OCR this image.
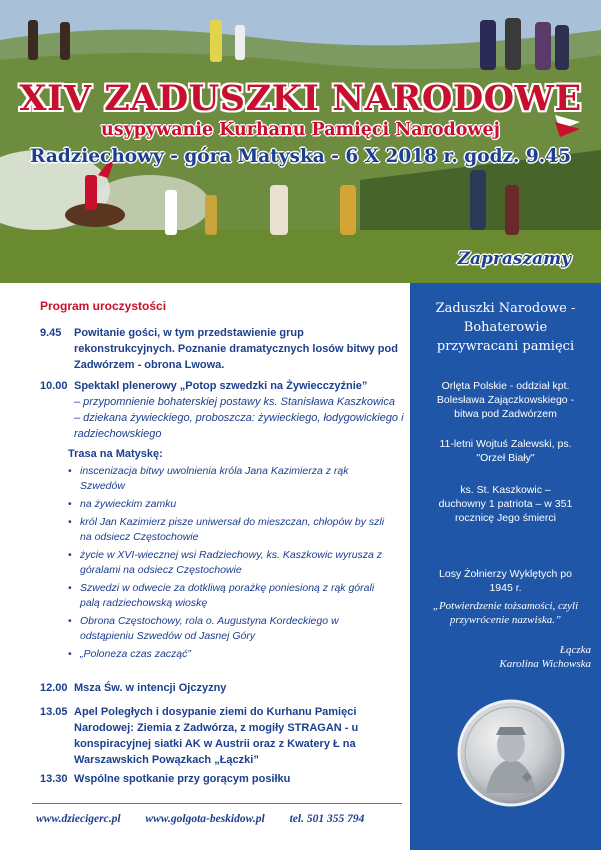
XIV ZADUSZKI NARODOWE
usypywanie Kurhanu Pamięci Narodowej
Radziechowy - góra Matyska - 6 X 2018 r. godz. 9.45
Zapraszamy
Program uroczystości
9.45	Powitanie gości, w tym przedstawienie grup rekonstrukcyjnych. Poznanie dramatycznych losów bitwy pod Zadwórzem - obrona Lwowa.
10.00 Spektakl plenerowy „Potop szwedzki na Żywiecczyźnie”
– przypomnienie bohaterskiej postawy ks. Stanisława Kaszkowica – dziekana żywieckiego, proboszcza: żywieckiego, łodygowickiego i radziechowskiego
Trasa na Matyskę:
• inscenizacja bitwy uwolnienia króla Jana Kazimierza z rąk Szwedów
• na żywieckim zamku
• król Jan Kazimierz pisze uniwersał do mieszczan, chłopów by szli na odsiecz Częstochowie
• życie w XVI-wiecznej wsi Radziechowy, ks. Kaszkowic wyrusza z góralami na odsiecz Częstochowie
• Szwedzi w odwecie za dotkliwą porażkę poniesioną z rąk górali palą radziechowską wioskę
• Obrona Częstochowy, rola o. Augustyna Kordeckiego w odstąpieniu Szwedów od Jasnej Góry
• „Poloneza czas zacząć”
12.00 Msza Św. w intencji Ojczyzny
13.05 Apel Poległych i dosypanie ziemi do Kurhanu Pamięci Narodowej: Ziemia z Zadwórza, z mogiły STRAGAN - u konspiracyjnej siatki AK w Austrii oraz z Kwatery Ł na Warszawskich Powązkach „Łączki”
13.30 Wspólne spotkanie przy gorącym posiłku
www.dziecigerc.pl www.golgota-beskidow.pl tel. 501 355 794
Zaduszki Narodowe - Bohaterowie przywracani pamięci
Orlęta Polskie - oddział kpt. Bolesława Zajączkowskiego - bitwa pod Zadwórzem
11-letni Wojtuś Zalewski, ps. "Orzeł Biały"
ks. St. Kaszkowic – duchowny 1 patriota – w 351 rocznicę Jego śmierci
Losy Żołnierzy Wyklętych po 1945 r.
„Potwierdzenie tożsamości, czyli przywrócenie nazwiska.”
Łączka
Karolina Wichowska
